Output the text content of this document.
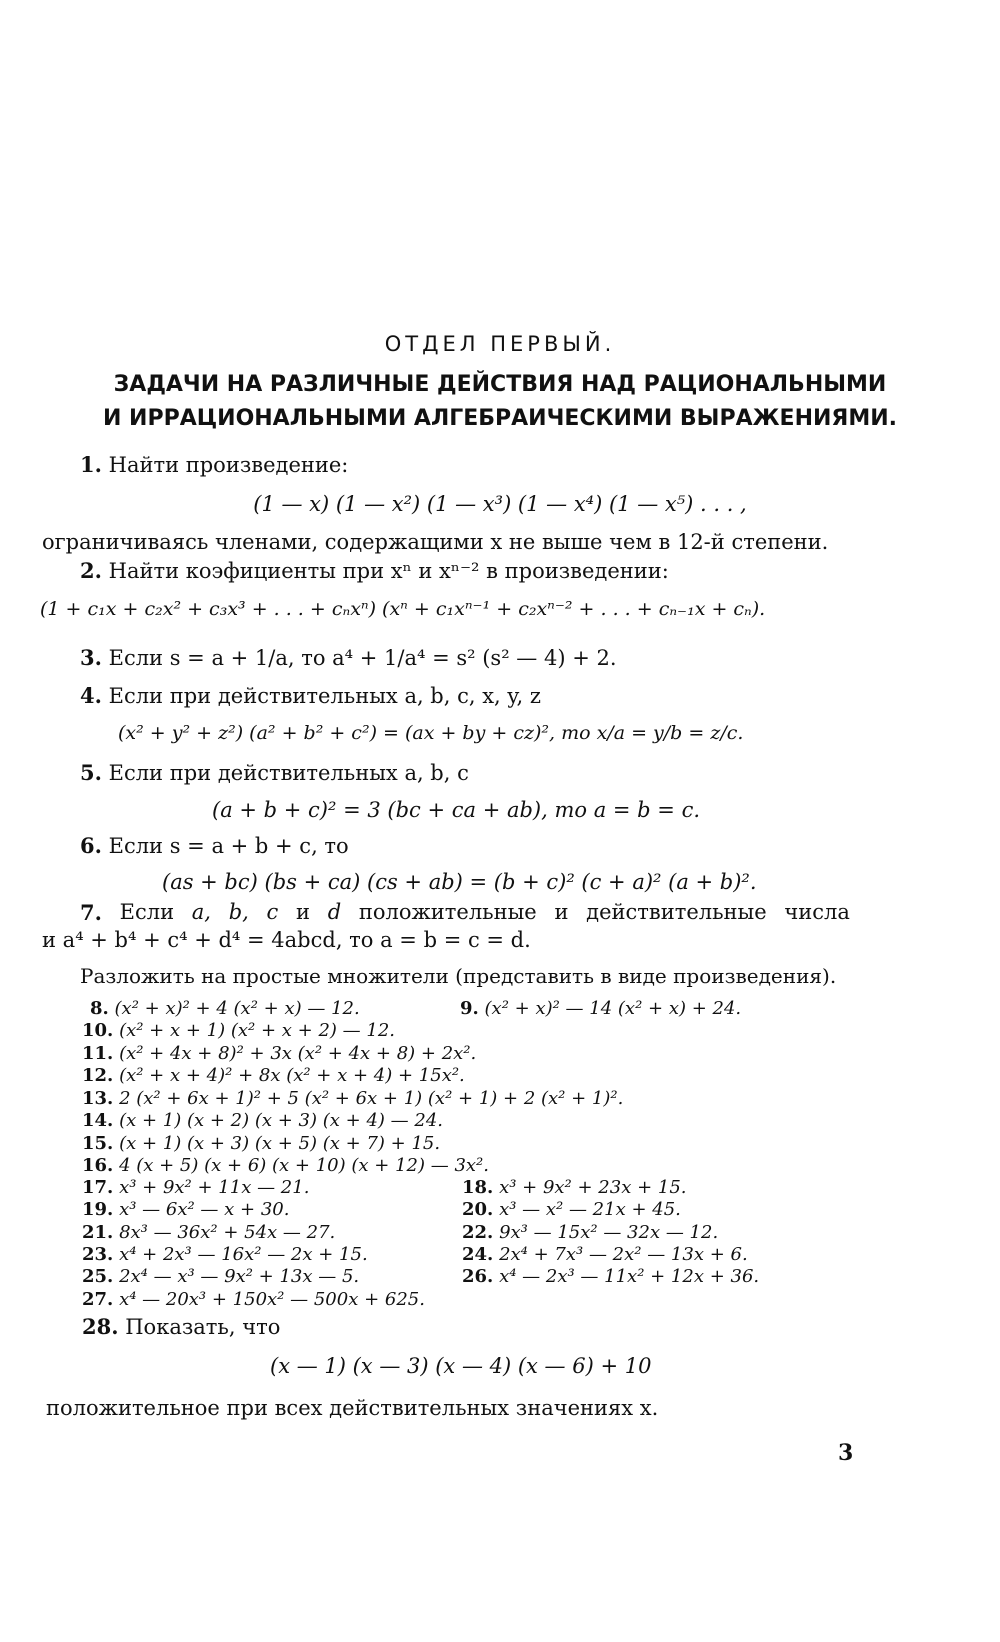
ОТДЕЛ ПЕРВЫЙ.
ЗАДАЧИ НА РАЗЛИЧНЫЕ ДЕЙСТВИЯ НАД РАЦИОНАЛЬНЫМИ
И ИРРАЦИОНАЛЬНЫМИ АЛГЕБРАИЧЕСКИМИ ВЫРАЖЕНИЯМИ.
1. Найти произведение:
(1 — x) (1 — x²) (1 — x³) (1 — x⁴) (1 — x⁵) . . . ,
ограничиваясь членами, содержащими x не выше чем в 12-й степени.
2. Найти коэфициенты при xⁿ и xⁿ⁻² в произведении:
(1 + c₁x + c₂x² + c₃x³ + . . . + cₙxⁿ) (xⁿ + c₁xⁿ⁻¹ + c₂xⁿ⁻² + . . . + cₙ₋₁x + cₙ).
3. Если s = a + 1/a, то a⁴ + 1/a⁴ = s² (s² — 4) + 2.
4. Если при действительных a, b, c, x, y, z
(x² + y² + z²) (a² + b² + c²) = (ax + by + cz)², то x/a = y/b = z/c.
5. Если при действительных a, b, c
(a + b + c)² = 3 (bc + ca + ab), то a = b = c.
6. Если s = a + b + c, то
(as + bc) (bs + ca) (cs + ab) = (b + c)² (c + a)² (a + b)².
7. Если a, b, c и d положительные и действительные числа
и a⁴ + b⁴ + c⁴ + d⁴ = 4abcd, то a = b = c = d.
Разложить на простые множители (представить в виде произведения).
8. (x² + x)² + 4 (x² + x) — 12.	9. (x² + x)² — 14 (x² + x) + 24.
10. (x² + x + 1) (x² + x + 2) — 12.
11. (x² + 4x + 8)² + 3x (x² + 4x + 8) + 2x².
12. (x² + x + 4)² + 8x (x² + x + 4) + 15x².
13. 2 (x² + 6x + 1)² + 5 (x² + 6x + 1) (x² + 1) + 2 (x² + 1)².
14. (x + 1) (x + 2) (x + 3) (x + 4) — 24.
15. (x + 1) (x + 3) (x + 5) (x + 7) + 15.
16. 4 (x + 5) (x + 6) (x + 10) (x + 12) — 3x².
17. x³ + 9x² + 11x — 21.	18. x³ + 9x² + 23x + 15.
19. x³ — 6x² — x + 30.	20. x³ — x² — 21x + 45.
21. 8x³ — 36x² + 54x — 27.	22. 9x³ — 15x² — 32x — 12.
23. x⁴ + 2x³ — 16x² — 2x + 15.	24. 2x⁴ + 7x³ — 2x² — 13x + 6.
25. 2x⁴ — x³ — 9x² + 13x — 5.	26. x⁴ — 2x³ — 11x² + 12x + 36.
27. x⁴ — 20x³ + 150x² — 500x + 625.
28. Показать, что
(x — 1) (x — 3) (x — 4) (x — 6) + 10
положительное при всех действительных значениях x.
3
